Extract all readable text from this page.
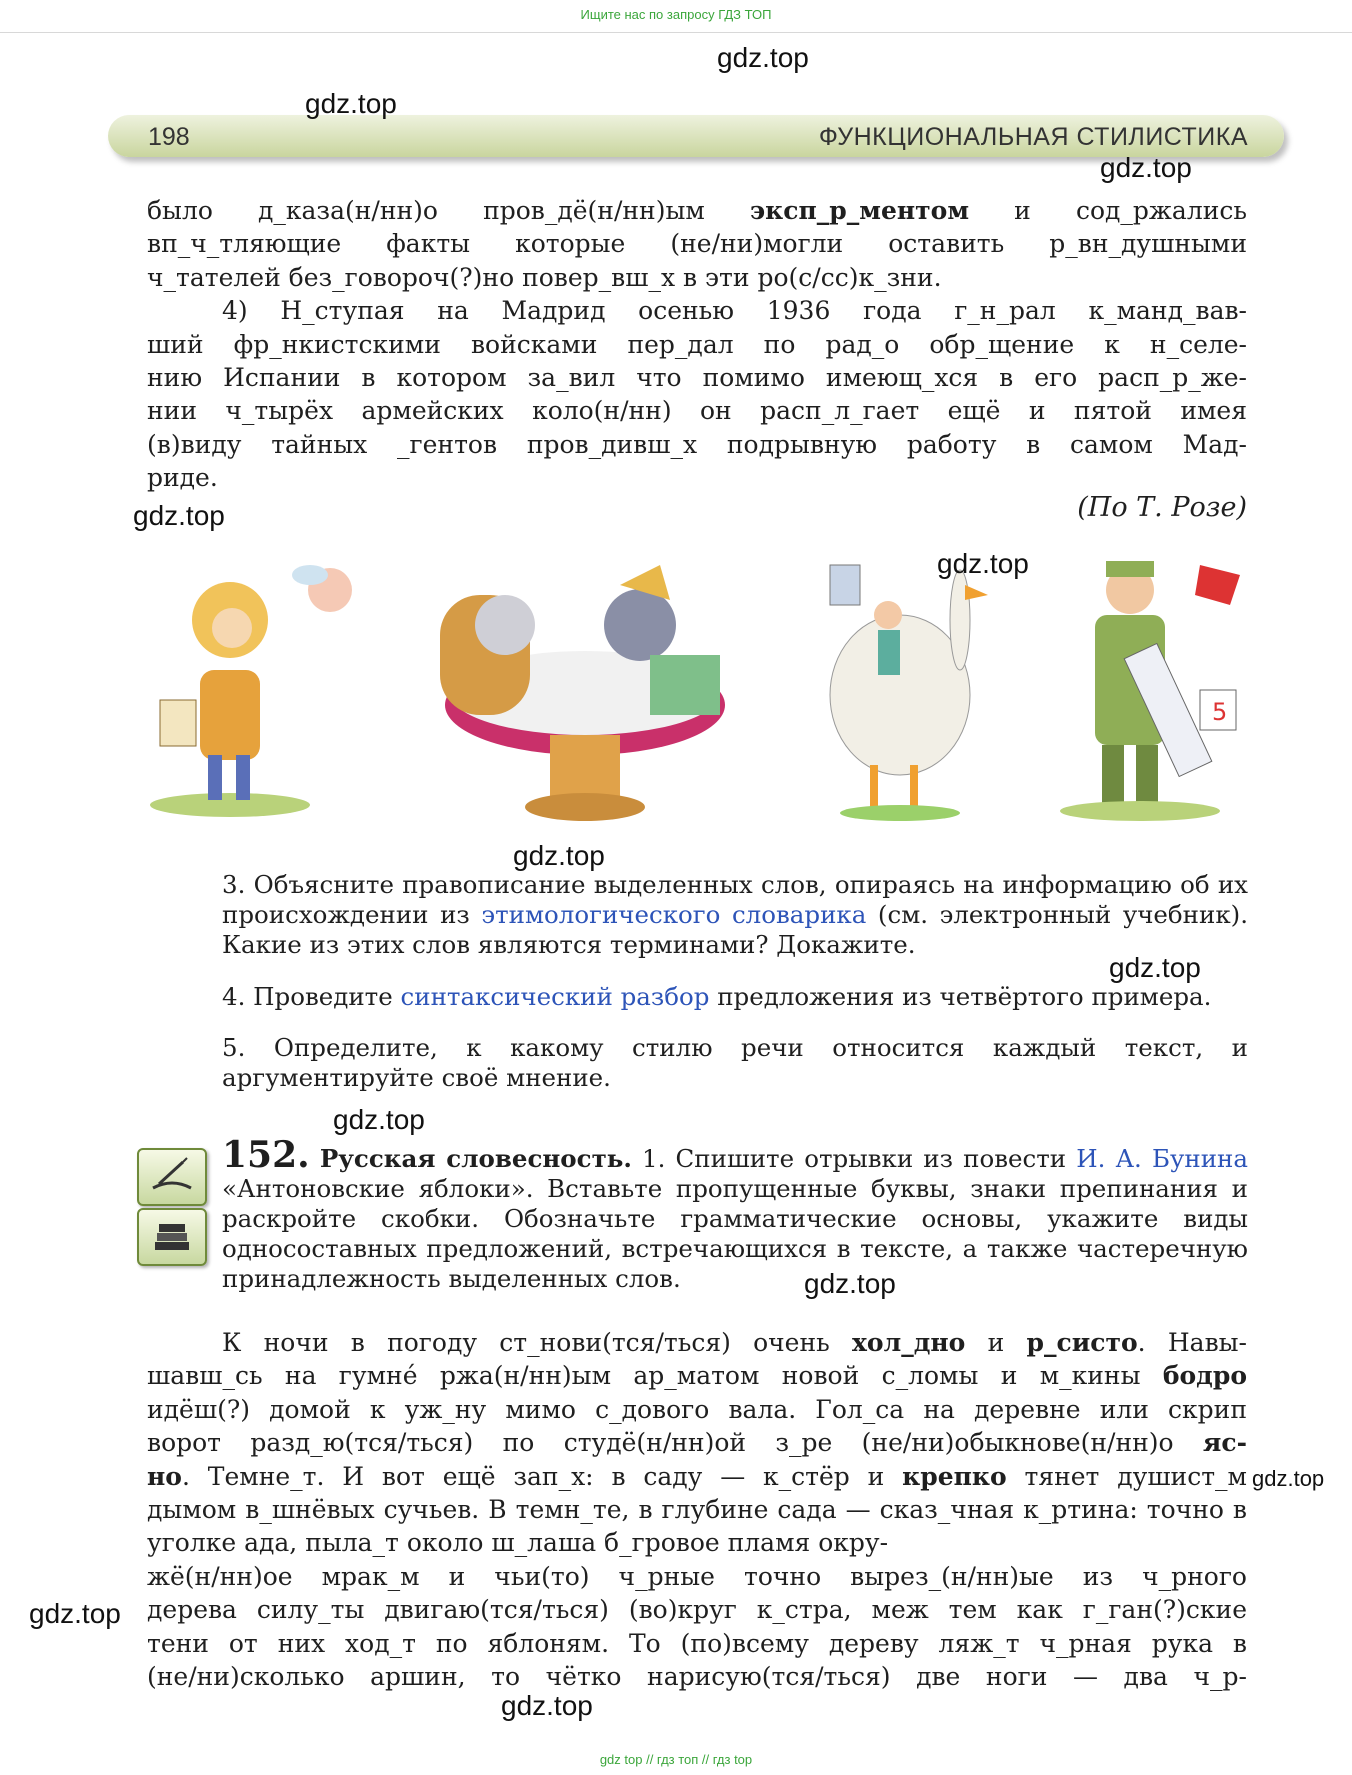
Ищите нас по запросу ГДЗ ТОП
198	ФУНКЦИОНАЛЬНАЯ СТИЛИСТИКА
было д_каза(н/нн)о пров_дё(н/нн)ым эксп_р_ментом и сод_ржались
вп_ч_тляющие факты которые (не/ни)могли оставить р_вн_душными
ч_тателей без_говороч(?)но повер_вш_х в эти ро(с/сс)к_зни.
4) Н_ступая на Мадрид осенью 1936 года г_н_рал к_манд_вав-
ший фр_нкистскими войсками пер_дал по рад_о обр_щение к н_селе-
нию Испании в котором за_вил что помимо имеющ_хся в его расп_р_же-
нии ч_тырёх армейских коло(н/нн) он расп_л_гает ещё и пятой имея
(в)виду тайных _гентов пров_дивш_х подрывную работу в самом Мад-
риде.
(По Т. Розе)
5
3. Объясните правописание выделенных слов, опираясь на информацию об их происхождении из этимологического словарика (см. электронный учебник). Какие из этих слов являются терминами? Докажите.
4. Проведите синтаксический разбор предложения из четвёртого примера.
5. Определите, к какому стилю речи относится каждый текст, и аргументируйте своё мнение.
152. Русская словесность. 1. Спишите отрывки из повести И. А. Бунина «Антоновские яблоки». Вставьте пропущенные буквы, знаки препинания и раскройте скобки. Обозначьте грамматические основы, укажите виды односоставных предложений, встречающихся в тексте, а также частеречную принадлежность выделенных слов.
К ночи в погоду ст_нови(тся/ться) очень хол_дно и р_систо. Навы-
шавш_сь на гумне́ ржа(н/нн)ым ар_матом новой с_ломы и м_кины бодро
идёш(?) домой к уж_ну мимо с_дового вала. Гол_са на деревне или скрип
ворот разд_ю(тся/ться) по студё(н/нн)ой з_ре (не/ни)обыкнове(н/нн)о яс-
но. Темне_т. И вот ещё зап_х: в саду — к_стёр и крепко тянет душист_м
дымом в_шнёвых сучьев. В темн_те, в глубине сада — сказ_чная к_ртина: точно в уголке ада, пыла_т около ш_лаша б_гровое пламя окру-
жё(н/нн)ое мрак_м и чьи(то) ч_рные точно вырез_(н/нн)ые из ч_рного
дерева силу_ты двигаю(тся/ться) (во)круг к_стра, меж тем как г_ган(?)ские
тени от них ход_т по яблоням. То (по)всему дереву ляж_т ч_рная рука в
(не/ни)сколько аршин, то чётко нарисую(тся/ться) две ноги — два ч_р-
gdz.top
gdz.top
gdz.top
gdz.top
gdz.top
gdz.top
gdz.top
gdz.top
gdz.top
gdz.top
gdz.top
gdz.top
gdz top // гдз топ // гдз top
